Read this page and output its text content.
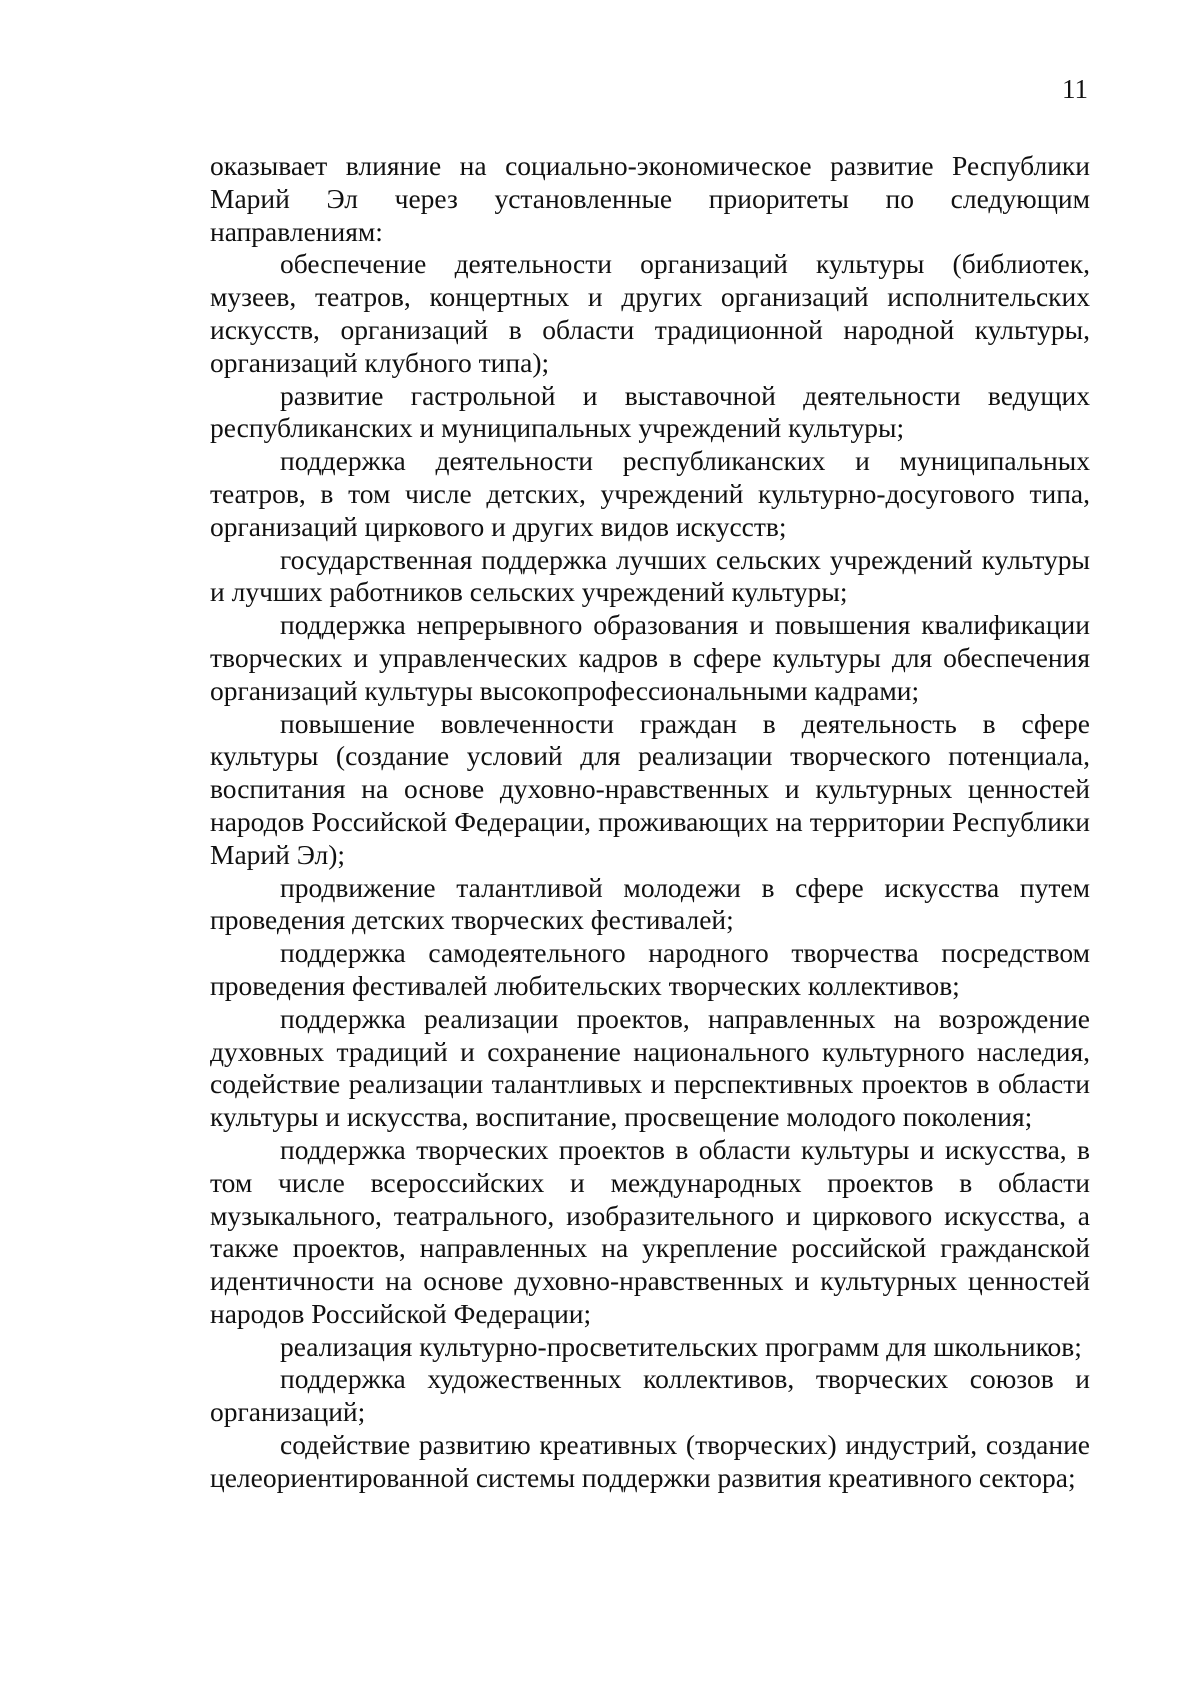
11

оказывает влияние на социально-экономическое развитие Республики Марий Эл через установленные приоритеты по следующим направлениям:

обеспечение деятельности организаций культуры (библиотек, музеев, театров, концертных и других организаций исполнительских искусств, организаций в области традиционной народной культуры, организаций клубного типа);

развитие гастрольной и выставочной деятельности ведущих республиканских и муниципальных учреждений культуры;

поддержка деятельности республиканских и муниципальных театров, в том числе детских, учреждений культурно-досугового типа, организаций циркового и других видов искусств;

государственная поддержка лучших сельских учреждений культуры и лучших работников сельских учреждений культуры;

поддержка непрерывного образования и повышения квалификации творческих и управленческих кадров в сфере культуры для обеспечения организаций культуры высокопрофессиональными кадрами;

повышение вовлеченности граждан в деятельность в сфере культуры (создание условий для реализации творческого потенциала, воспитания на основе духовно-нравственных и культурных ценностей народов Российской Федерации, проживающих на территории Республики Марий Эл);

продвижение талантливой молодежи в сфере искусства путем проведения детских творческих фестивалей;

поддержка самодеятельного народного творчества посредством проведения фестивалей любительских творческих коллективов;

поддержка реализации проектов, направленных на возрождение духовных традиций и сохранение национального культурного наследия, содействие реализации талантливых и перспективных проектов в области культуры и искусства, воспитание, просвещение молодого поколения;

поддержка творческих проектов в области культуры и искусства, в том числе всероссийских и международных проектов в области музыкального, театрального, изобразительного и циркового искусства, а также проектов, направленных на укрепление российской гражданской идентичности на основе духовно-нравственных и культурных ценностей народов Российской Федерации;

реализация культурно-просветительских программ для школьников;

поддержка художественных коллективов, творческих союзов и организаций;

содействие развитию креативных (творческих) индустрий, создание целеориентированной системы поддержки развития креативного сектора;
